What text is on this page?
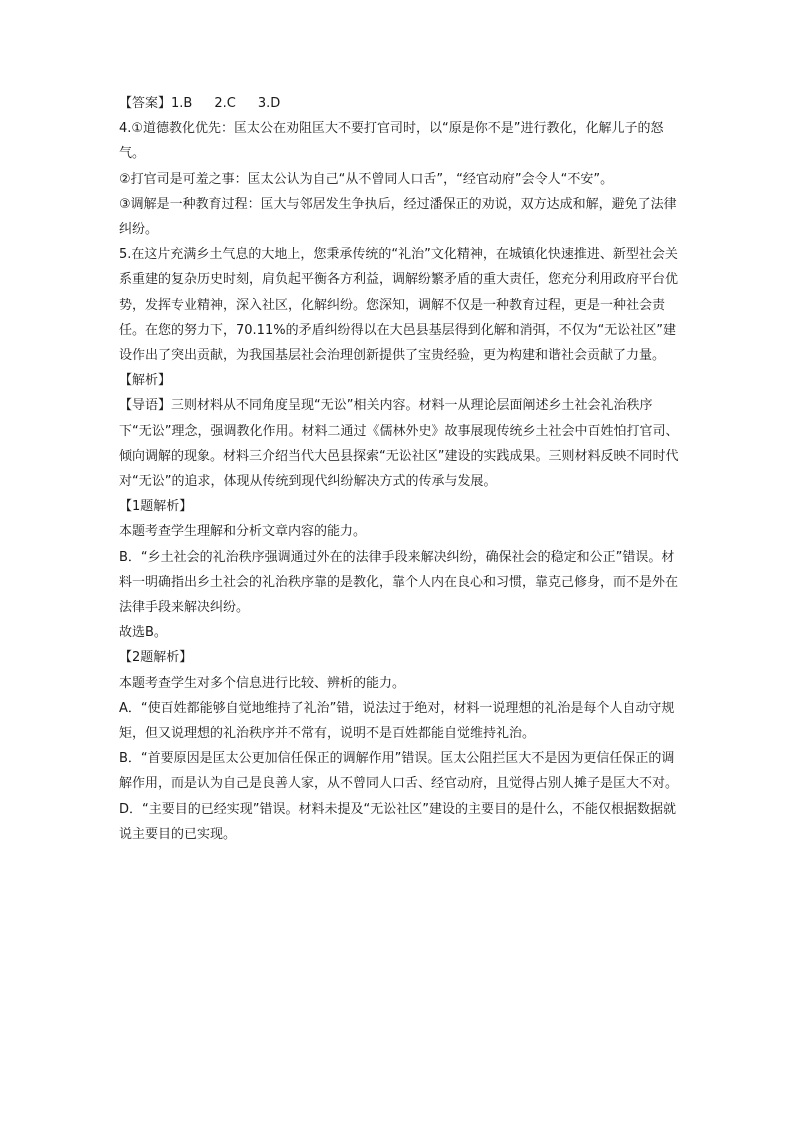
【答案】1.B 2.C 3.D

4.①道德教化优先：匡太公在劝阻匡大不要打官司时，以“原是你不是”进行教化，化解儿子的怒气。

②打官司是可羞之事：匡太公认为自己“从不曾同人口舌”，“经官动府”会令人“不安”。

③调解是一种教育过程：匡大与邻居发生争执后，经过潘保正的劝说，双方达成和解，避免了法律纠纷。

5.在这片充满乡土气息的大地上，您秉承传统的“礼治”文化精神，在城镇化快速推进、新型社会关系重建的复杂历史时刻，肩负起平衡各方利益，调解纷繁矛盾的重大责任，您充分利用政府平台优势，发挥专业精神，深入社区，化解纠纷。您深知，调解不仅是一种教育过程，更是一种社会责任。在您的努力下，70.11%的矛盾纠纷得以在大邑县基层得到化解和消弭，不仅为“无讼社区”建设作出了突出贡献，为我国基层社会治理创新提供了宝贵经验，更为构建和谐社会贡献了力量。

【解析】

【导语】三则材料从不同角度呈现“无讼”相关内容。材料一从理论层面阐述乡土社会礼治秩序下“无讼”理念，强调教化作用。材料二通过《儒林外史》故事展现传统乡土社会中百姓怕打官司、倾向调解的现象。材料三介绍当代大邑县探索“无讼社区”建设的实践成果。三则材料反映不同时代对“无讼”的追求，体现从传统到现代纠纷解决方式的传承与发展。

【1题解析】

本题考查学生理解和分析文章内容的能力。

B．“乡土社会的礼治秩序强调通过外在的法律手段来解决纠纷，确保社会的稳定和公正”错误。材料一明确指出乡土社会的礼治秩序靠的是教化，靠个人内在良心和习惯，靠克己修身，而不是外在法律手段来解决纠纷。

故选B。

【2题解析】

本题考查学生对多个信息进行比较、辨析的能力。

A．“使百姓都能够自觉地维持了礼治”错，说法过于绝对，材料一说理想的礼治是每个人自动守规矩，但又说理想的礼治秩序并不常有，说明不是百姓都能自觉维持礼治。

B．“首要原因是匡太公更加信任保正的调解作用”错误。匡太公阻拦匡大不是因为更信任保正的调解作用，而是认为自己是良善人家，从不曾同人口舌、经官动府，且觉得占别人摊子是匡大不对。

D．“主要目的已经实现”错误。材料未提及“无讼社区”建设的主要目的是什么，不能仅根据数据就说主要目的已实现。
